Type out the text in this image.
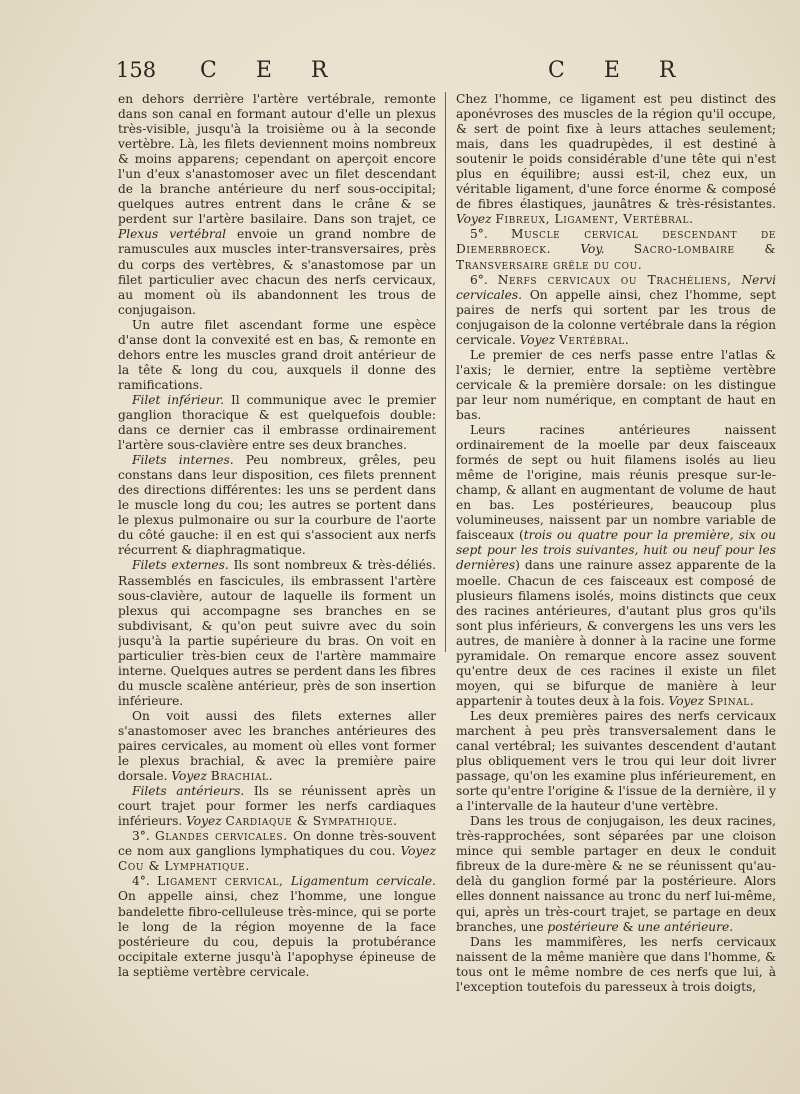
158 C E R	C E R

en dehors derrière l'artère vertébrale, remonte dans son canal en formant autour d'elle un plexus très-visible, jusqu'à la troisième ou à la seconde vertèbre. Là, les filets deviennent moins nombreux & moins apparens; cependant on aperçoit encore l'un d'eux s'anastomoser avec un filet descendant de la branche antérieure du nerf sous-occipital; quelques autres entrent dans le crâne & se perdent sur l'artère basilaire. Dans son trajet, ce Plexus vertébral envoie un grand nombre de ramuscules aux muscles inter-transversaires, près du corps des vertèbres, & s'anastomose par un filet particulier avec chacun des nerfs cervicaux, au moment où ils abandonnent les trous de conjugaison.

Un autre filet ascendant forme une espèce d'anse dont la convexité est en bas, & remonte en dehors entre les muscles grand droit antérieur de la tête & long du cou, auxquels il donne des ramifications.

Filet inférieur. Il communique avec le premier ganglion thoracique & est quelquefois double: dans ce dernier cas il embrasse ordinairement l'artère sous-clavière entre ses deux branches.

Filets internes. Peu nombreux, grêles, peu constans dans leur disposition, ces filets prennent des directions différentes: les uns se perdent dans le muscle long du cou; les autres se portent dans le plexus pulmonaire ou sur la courbure de l'aorte du côté gauche: il en est qui s'associent aux nerfs récurrent & diaphragmatique.

Filets externes. Ils sont nombreux & très-déliés. Rassemblés en fascicules, ils embrassent l'artère sous-clavière, autour de laquelle ils forment un plexus qui accompagne ses branches en se subdivisant, & qu'on peut suivre avec du soin jusqu'à la partie supérieure du bras. On voit en particulier très-bien ceux de l'artère mammaire interne. Quelques autres se perdent dans les fibres du muscle scalène antérieur, près de son insertion inférieure.

On voit aussi des filets externes aller s'anastomoser avec les branches antérieures des paires cervicales, au moment où elles vont former le plexus brachial, & avec la première paire dorsale. Voyez Brachial.

Filets antérieurs. Ils se réunissent après un court trajet pour former les nerfs cardiaques inférieurs. Voyez Cardiaque & Sympathique.

3°. Glandes cervicales. On donne très-souvent ce nom aux ganglions lymphatiques du cou. Voyez Cou & Lymphatique.

4°. Ligament cervical, Ligamentum cervicale. On appelle ainsi, chez l'homme, une longue bandelette fibro-celluleuse très-mince, qui se porte le long de la région moyenne de la face postérieure du cou, depuis la protubérance occipitale externe jusqu'à l'apophyse épineuse de la septième vertèbre cervicale.

Chez l'homme, ce ligament est peu distinct des aponévroses des muscles de la région qu'il occupe, & sert de point fixe à leurs attaches seulement; mais, dans les quadrupèdes, il est destiné à soutenir le poids considérable d'une tête qui n'est plus en équilibre; aussi est-il, chez eux, un véritable ligament, d'une force énorme & composé de fibres élastiques, jaunâtres & très-résistantes. Voyez Fibreux, Ligament, Vertébral.

5°. Muscle cervical descendant de Diemerbroeck. Voy. Sacro-lombaire & Transversaire grêle du cou.

6°. Nerfs cervicaux ou Trachéliens, Nervi cervicales. On appelle ainsi, chez l'homme, sept paires de nerfs qui sortent par les trous de conjugaison de la colonne vertébrale dans la région cervicale. Voyez Vertébral.

Le premier de ces nerfs passe entre l'atlas & l'axis; le dernier, entre la septième vertèbre cervicale & la première dorsale: on les distingue par leur nom numérique, en comptant de haut en bas.

Leurs racines antérieures naissent ordinairement de la moelle par deux faisceaux formés de sept ou huit filamens isolés au lieu même de l'origine, mais réunis presque sur-le-champ, & allant en augmentant de volume de haut en bas. Les postérieures, beaucoup plus volumineuses, naissent par un nombre variable de faisceaux (trois ou quatre pour la première, six ou sept pour les trois suivantes, huit ou neuf pour les dernières) dans une rainure assez apparente de la moelle. Chacun de ces faisceaux est composé de plusieurs filamens isolés, moins distincts que ceux des racines antérieures, d'autant plus gros qu'ils sont plus inférieurs, & convergens les uns vers les autres, de manière à donner à la racine une forme pyramidale. On remarque encore assez souvent qu'entre deux de ces racines il existe un filet moyen, qui se bifurque de manière à leur appartenir à toutes deux à la fois. Voyez Spinal.

Les deux premières paires des nerfs cervicaux marchent à peu près transversalement dans le canal vertébral; les suivantes descendent d'autant plus obliquement vers le trou qui leur doit livrer passage, qu'on les examine plus inférieurement, en sorte qu'entre l'origine & l'issue de la dernière, il y a l'intervalle de la hauteur d'une vertèbre.

Dans les trous de conjugaison, les deux racines, très-rapprochées, sont séparées par une cloison mince qui semble partager en deux le conduit fibreux de la dure-mère & ne se réunissent qu'au-delà du ganglion formé par la postérieure. Alors elles donnent naissance au tronc du nerf lui-même, qui, après un très-court trajet, se partage en deux branches, une postérieure & une antérieure.

Dans les mammifères, les nerfs cervicaux naissent de la même manière que dans l'homme, & tous ont le même nombre de ces nerfs que lui, à l'exception toutefois du paresseux à trois doigts,
